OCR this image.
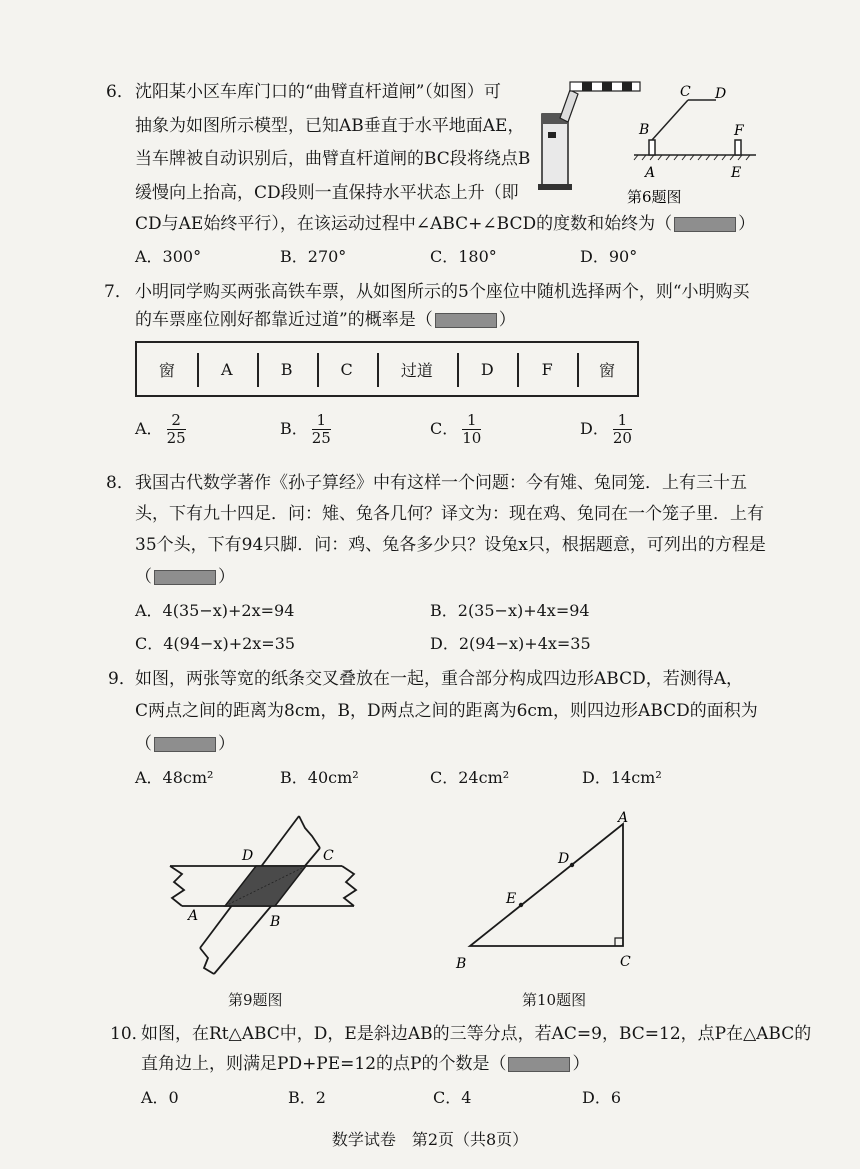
6． 沈阳某小区车库门口的“曲臂直杆道闸”（如图）可
抽象为如图所示模型，已知AB垂直于水平地面AE，
当车牌被自动识别后，曲臂直杆道闸的BC段将绕点B
缓慢向上抬高，CD段则一直保持水平状态上升（即
CD与AE始终平行），在该运动过程中∠ABC+∠BCD的度数和始终为（	）
A．300°	B．270°	C．180°	D．90°
B
C D
F
A	E
第6题图
7． 小明同学购买两张高铁车票，从如图所示的5个座位中随机选择两个，则“小明购买
的车票座位刚好都靠近过道”的概率是（	）
窗	A	B	C	过道	D	F	窗
A． $\frac{2}{25}$	B． $\frac{1}{25}$	C． $\frac{1}{10}$	D． $\frac{1}{20}$
8． 我国古代数学著作《孙子算经》中有这样一个问题：今有雉、兔同笼．上有三十五
头，下有九十四足．问：雉、兔各几何？译文为：现在鸡、兔同在一个笼子里．上有
35个头，下有94只脚．问：鸡、兔各多少只？设兔x只，根据题意，可列出的方程是
（	）
A．4(35−x)+2x=94	B．2(35−x)+4x=94
C．4(94−x)+2x=35	D．2(94−x)+4x=35
9． 如图，两张等宽的纸条交叉叠放在一起，重合部分构成四边形ABCD，若测得A，
C两点之间的距离为8cm，B，D两点之间的距离为6cm，则四边形ABCD的面积为
（	）
A．48cm²	B．40cm²	C．24cm²	D．14cm²
D	C
A	B
第9题图
A
D
E
B	C
第10题图
10．
如图，在Rt△ABC中，D，E是斜边AB的三等分点，若AC=9，BC=12，点P在△ABC的
直角边上，则满足PD+PE=12的点P的个数是（	）
A．0	B．2	C．4	D．6
数学试卷　第2页（共8页）
